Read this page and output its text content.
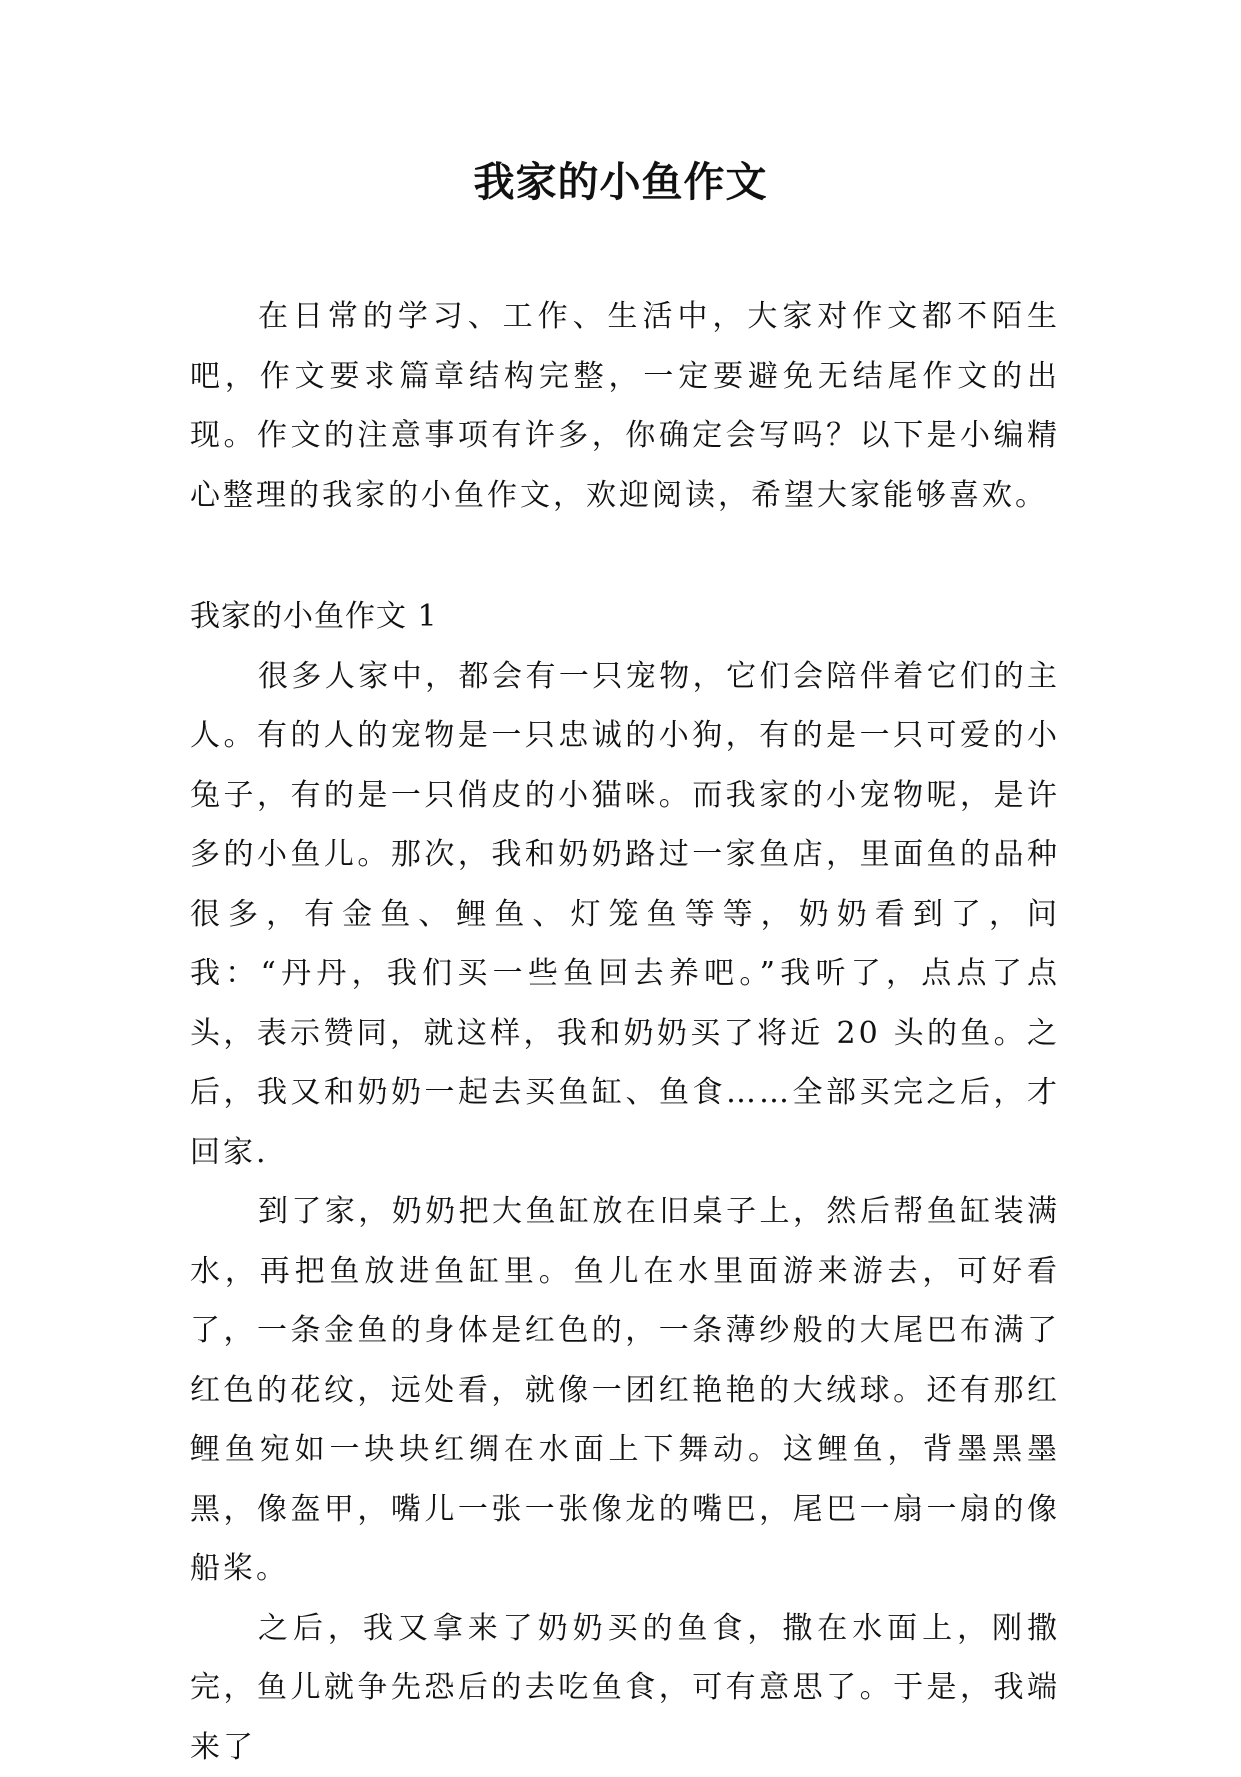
我家的小鱼作文

在日常的学习、工作、生活中，大家对作文都不陌生吧，作文要求篇章结构完整，一定要避免无结尾作文的出现。作文的注意事项有许多，你确定会写吗？以下是小编精心整理的我家的小鱼作文，欢迎阅读，希望大家能够喜欢。

我家的小鱼作文 1

很多人家中，都会有一只宠物，它们会陪伴着它们的主人。有的人的宠物是一只忠诚的小狗，有的是一只可爱的小兔子，有的是一只俏皮的小猫咪。而我家的小宠物呢，是许多的小鱼儿。那次，我和奶奶路过一家鱼店，里面鱼的品种很多，有金鱼、鲤鱼、灯笼鱼等等，奶奶看到了，问我：“丹丹，我们买一些鱼回去养吧。”我听了，点点了点头，表示赞同，就这样，我和奶奶买了将近 20 头的鱼。之后，我又和奶奶一起去买鱼缸、鱼食……全部买完之后，才回家.

到了家，奶奶把大鱼缸放在旧桌子上，然后帮鱼缸装满水，再把鱼放进鱼缸里。鱼儿在水里面游来游去，可好看了，一条金鱼的身体是红色的，一条薄纱般的大尾巴布满了红色的花纹，远处看，就像一团红艳艳的大绒球。还有那红鲤鱼宛如一块块红绸在水面上下舞动。这鲤鱼，背墨黑墨黑，像盔甲，嘴儿一张一张像龙的嘴巴，尾巴一扇一扇的像船桨。

之后，我又拿来了奶奶买的鱼食，撒在水面上，刚撒完，鱼儿就争先恐后的去吃鱼食，可有意思了。于是，我端来了
